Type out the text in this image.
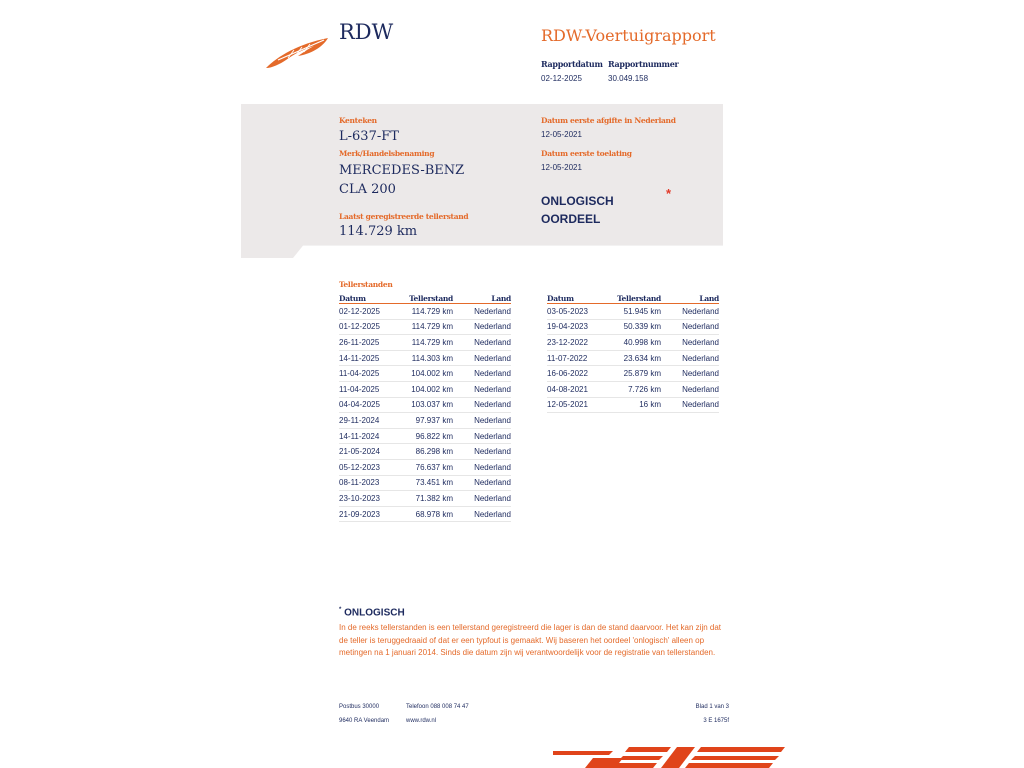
RDW	RDW-Voertuigrapport
Rapportdatum
02-12-2025
Rapportnummer
30.049.158
Kenteken
L-637-FT
Merk/Handelsbenaming
MERCEDES-BENZ
CLA 200
Laatst geregistreerde tellerstand
114.729 km
Datum eerste afgifte in Nederland
12-05-2021
Datum eerste toelating
12-05-2021
ONLOGISCH
OORDEEL
*
Tellerstanden
Datum	Tellerstand	Land
02-12-2025	114.729 km	Nederland
01-12-2025	114.729 km	Nederland
26-11-2025	114.729 km	Nederland
14-11-2025	114.303 km	Nederland
11-04-2025	104.002 km	Nederland
11-04-2025	104.002 km	Nederland
04-04-2025	103.037 km	Nederland
29-11-2024	97.937 km	Nederland
14-11-2024	96.822 km	Nederland
21-05-2024	86.298 km	Nederland
05-12-2023	76.637 km	Nederland
08-11-2023	73.451 km	Nederland
23-10-2023	71.382 km	Nederland
21-09-2023	68.978 km	Nederland
Datum	Tellerstand	Land
03-05-2023	51.945 km	Nederland
19-04-2023	50.339 km	Nederland
23-12-2022	40.998 km	Nederland
11-07-2022	23.634 km	Nederland
16-06-2022	25.879 km	Nederland
04-08-2021	7.726 km	Nederland
12-05-2021	16 km	Nederland
* ONLOGISCH
In de reeks tellerstanden is een tellerstand geregistreerd die lager is dan de stand daarvoor. Het kan zijn dat de teller is teruggedraaid of dat er een typfout is gemaakt. Wij baseren het oordeel 'onlogisch' alleen op metingen na 1 januari 2014. Sinds die datum zijn wij verantwoordelijk voor de registratie van tellerstanden.
Postbus 30000
9640 RA Veendam
Telefoon 088 008 74 47
www.rdw.nl
Blad 1 van 3
3 E 1675f
